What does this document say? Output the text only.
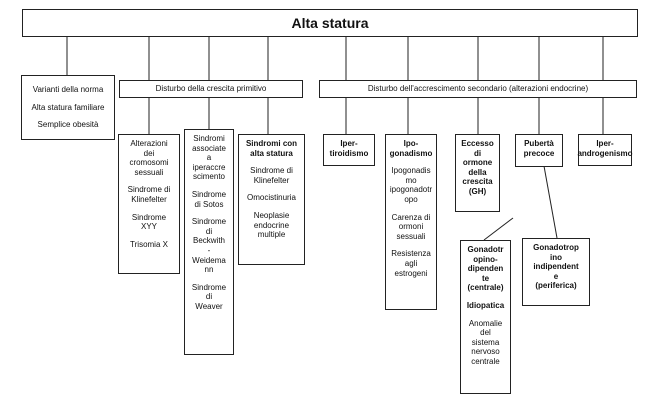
Alta statura
Varianti della norma
Alta statura familiare
Semplice obesità
Disturbo della crescita primitivo
Alterazioni
dei
cromosomi
sessuali
Sindrome di
Klinefelter
Sindrome
XYY
Trisomia X
Sindromi
associate
a
iperaccre
scimento
Sindrome
di Sotos
Sindrome
di
Beckwith
-
Weidema
nn
Sindrome
di
Weaver
Sindromi con
alta statura
Sindrome di
Klinefelter
Omocistinuria
Neoplasie
endocrine
multiple
Disturbo dell'accrescimento secondario (alterazioni endocrine)
Iper-
tiroidismo
Ipo-
gonadismo
Ipogonadis
mo
ipogonadotr
opo
Carenza di
ormoni
sessuali
Resistenza
agli
estrogeni
Eccesso
di
ormone
della
crescita
(GH)
Pubertà
precoce
Iper-
androgenismo
Gonadotr
opino-
dipenden
te
(centrale)
Idiopatica
Anomalie
del
sistema
nervoso
centrale
Gonadotrop
ino
indipendent
e
(periferica)
